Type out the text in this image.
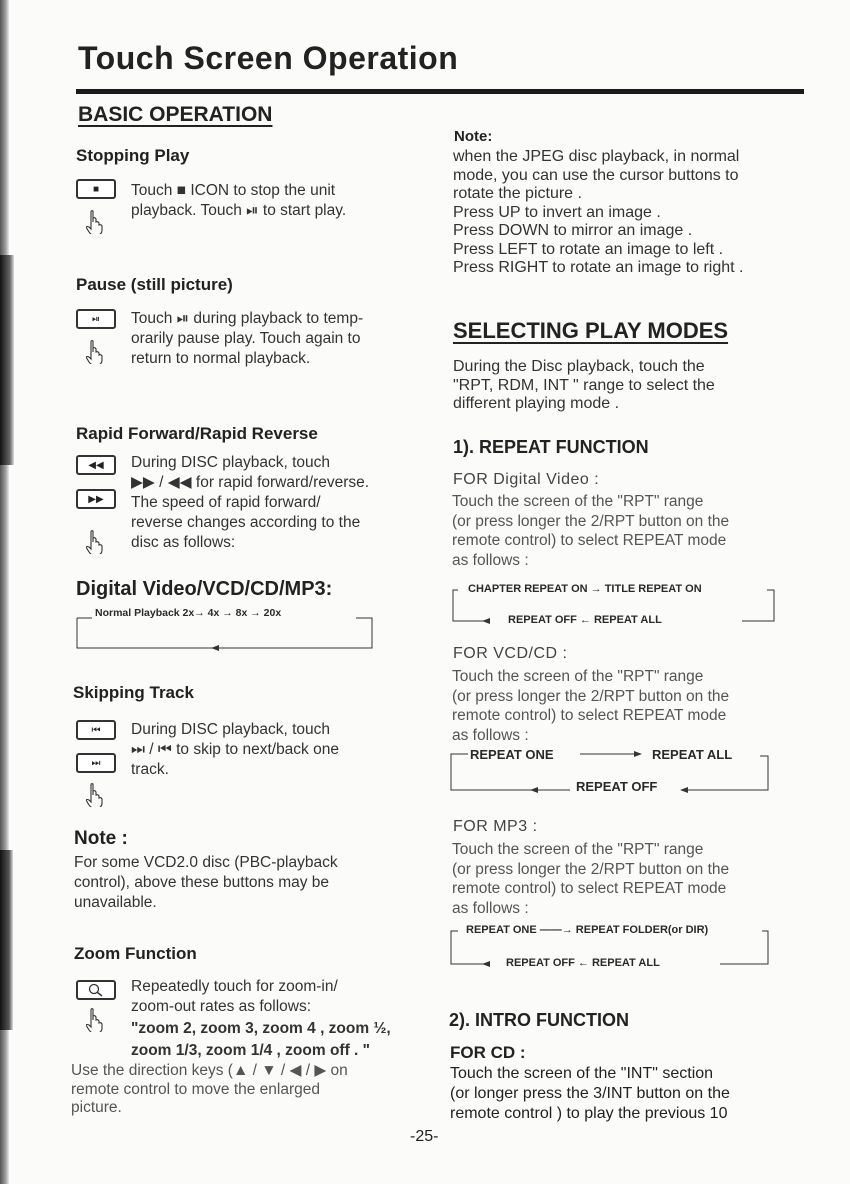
Touch Screen Operation
BASIC OPERATION
Stopping Play
■	Touch ■ ICON to stop the unit
playback. Touch ⏯ to start play.
Pause (still picture)
⏯	Touch ⏯ during playback to temp-
orarily pause play. Touch again to
return to normal playback.
Rapid Forward/Rapid Reverse
◀◀
▶▶
During DISC playback, touch
▶▶ / ◀◀ for rapid forward/reverse.
The speed of rapid forward/
reverse changes according to the
disc as follows:
Digital Video/VCD/CD/MP3:
Normal Playback 2x→ 4x → 8x → 20x
Skipping Track
⏮
⏭
During DISC playback, touch
⏭ / ⏮ to skip to next/back one
track.
Note :
For some VCD2.0 disc (PBC-playback
control), above these buttons may be
unavailable.
Zoom Function
Repeatedly touch for zoom-in/
zoom-out rates as follows:
"zoom 2, zoom 3, zoom 4 , zoom ½,
zoom 1/3, zoom 1/4 , zoom off . "
Use the direction keys (▲ / ▼ / ◀ / ▶ on
remote control to move the enlarged
picture.
Note:
when the JPEG disc playback, in normal
mode, you can use the cursor buttons to
rotate the picture .
Press UP to invert an image .
Press DOWN to mirror an image .
Press LEFT to rotate an image to left .
Press RIGHT to rotate an image to right .
SELECTING PLAY MODES
During the Disc playback, touch the
"RPT, RDM, INT " range to select the
different playing mode .
1). REPEAT FUNCTION
FOR Digital Video :
Touch the screen of the "RPT" range
(or press longer the 2/RPT button on the
remote control) to select REPEAT mode
as follows :
CHAPTER REPEAT ON → TITLE REPEAT ON
REPEAT OFF ← REPEAT ALL
FOR VCD/CD :
Touch the screen of the "RPT" range
(or press longer the 2/RPT button on the
remote control) to select REPEAT mode
as follows :
REPEAT ONE	REPEAT ALL
REPEAT OFF
FOR MP3 :
Touch the screen of the "RPT" range
(or press longer the 2/RPT button on the
remote control) to select REPEAT mode
as follows :
REPEAT ONE ——→ REPEAT FOLDER(or DIR)
REPEAT OFF ← REPEAT ALL
2). INTRO FUNCTION
FOR CD :
Touch the screen of the "INT" section
(or longer press the 3/INT button on the
remote control ) to play the previous 10
-25-
